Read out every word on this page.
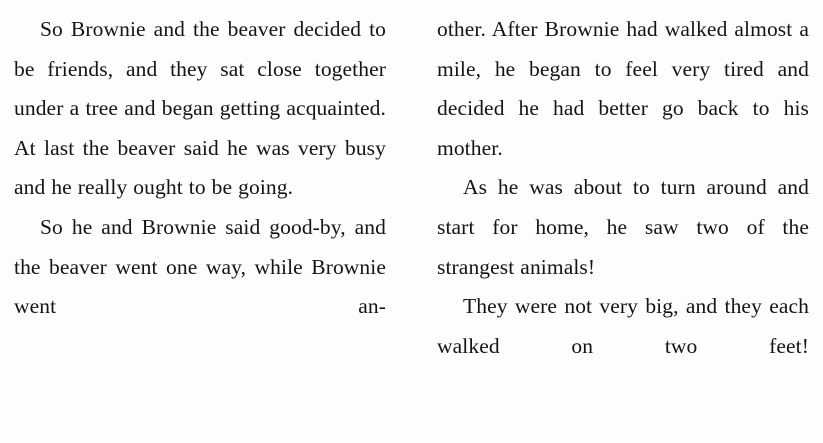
So Brownie and the beaver decided to be friends, and they sat close together under a tree and began getting acquainted. At last the beaver said he was very busy and he really ought to be going.

So he and Brownie said good-by, and the beaver went one way, while Brownie went an-

other. After Brownie had walked almost a mile, he began to feel very tired and decided he had better go back to his mother.

As he was about to turn around and start for home, he saw two of the strangest animals!

They were not very big, and they each walked on two feet!
